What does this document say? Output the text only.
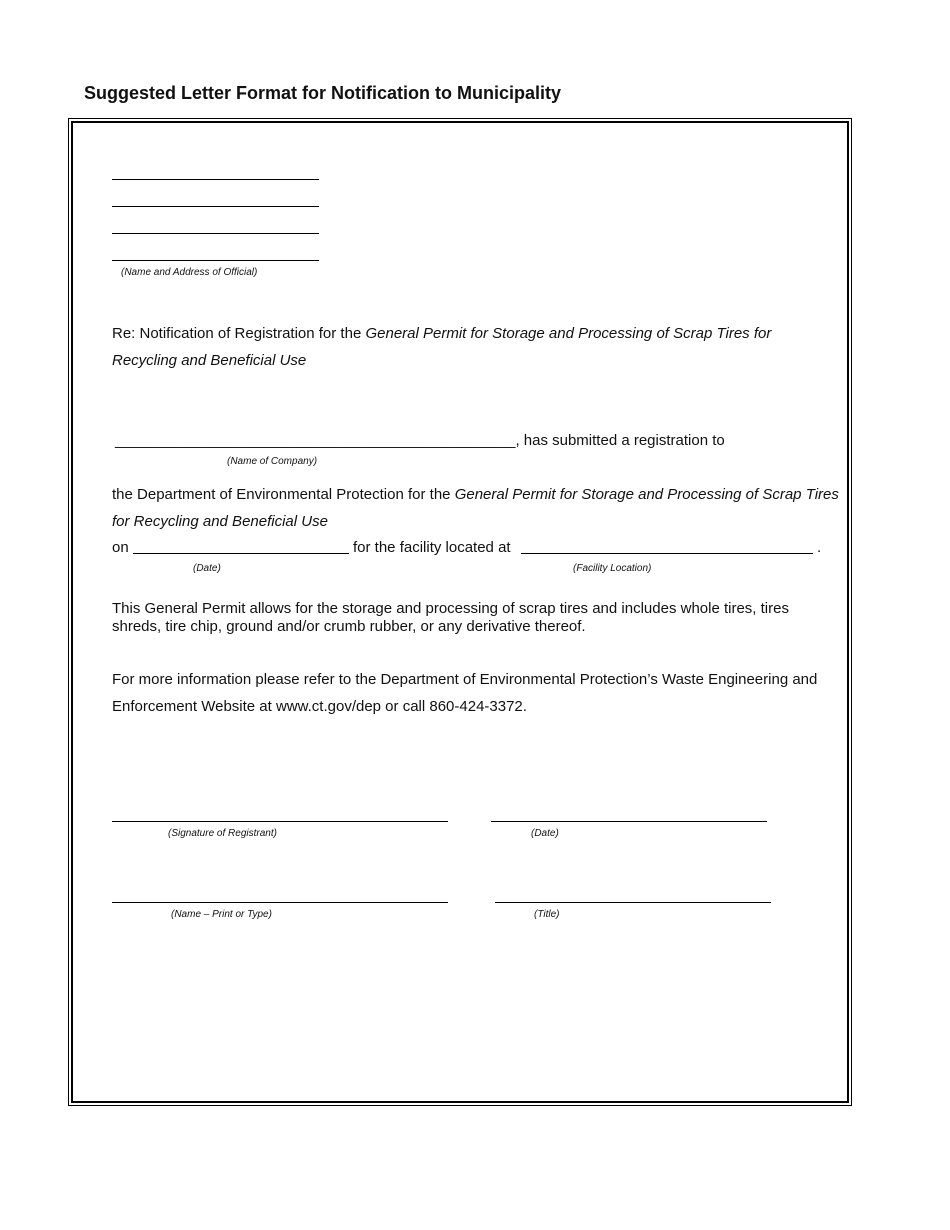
Suggested Letter Format for Notification to Municipality
(Name and Address of Official)
Re: Notification of Registration for the General Permit for Storage and Processing of Scrap Tires for Recycling and Beneficial Use
________________________________________________, has submitted a registration to
(Name of Company)
the Department of Environmental Protection for the General Permit for Storage and Processing of Scrap Tires for Recycling and Beneficial Use
on	for the facility located at	.
(Date)	(Facility Location)
This General Permit allows for the storage and processing of scrap tires and includes whole tires, tires shreds, tire chip, ground and/or crumb rubber, or any derivative thereof.
For more information please refer to the Department of Environmental Protection’s Waste Engineering and Enforcement Website at www.ct.gov/dep or call 860-424-3372.
(Signature of Registrant)	(Date)
(Name – Print or Type)	(Title)
